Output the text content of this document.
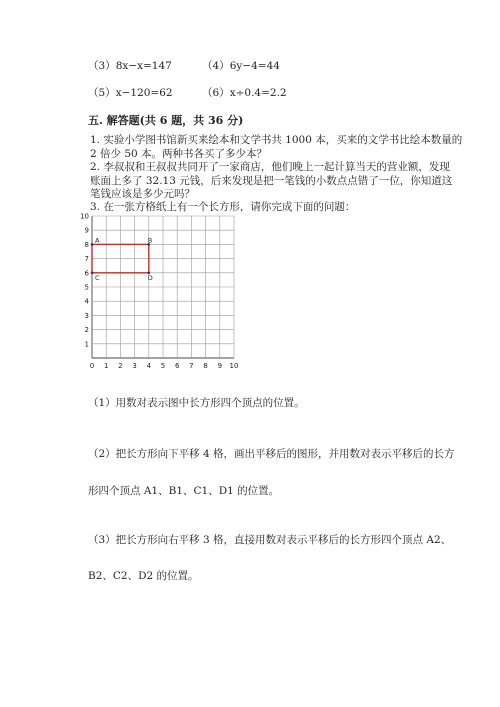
（3）8x−x=147	（4）6y−4=44
（5）x−120=62	（6）x÷0.4=2.2
五. 解答题(共 6 题，共 36 分)
1. 实验小学图书馆新买来绘本和文学书共 1000 本，买来的文学书比绘本数量的
2 倍少 50 本。两种书各买了多少本？
2. 李叔叔和王叔叔共同开了一家商店，他们晚上一起计算当天的营业额，发现
账面上多了 32.13 元钱，后来发现是把一笔钱的小数点点错了一位，你知道这
笔钱应该是多少元吗？
3. 在一张方格纸上有一个长方形，请你完成下面的问题：
0 1 2 3 4 5 6 7 8 9 10
1
2
3
4
5
6
7
8
9
10
A	B
C	D
（1）用数对表示图中长方形四个顶点的位置。
（2）把长方形向下平移 4 格，画出平移后的图形，并用数对表示平移后的长方
形四个顶点 A1、B1、C1、D1 的位置。
（3）把长方形向右平移 3 格，直接用数对表示平移后的长方形四个顶点 A2、
B2、C2、D2 的位置。
